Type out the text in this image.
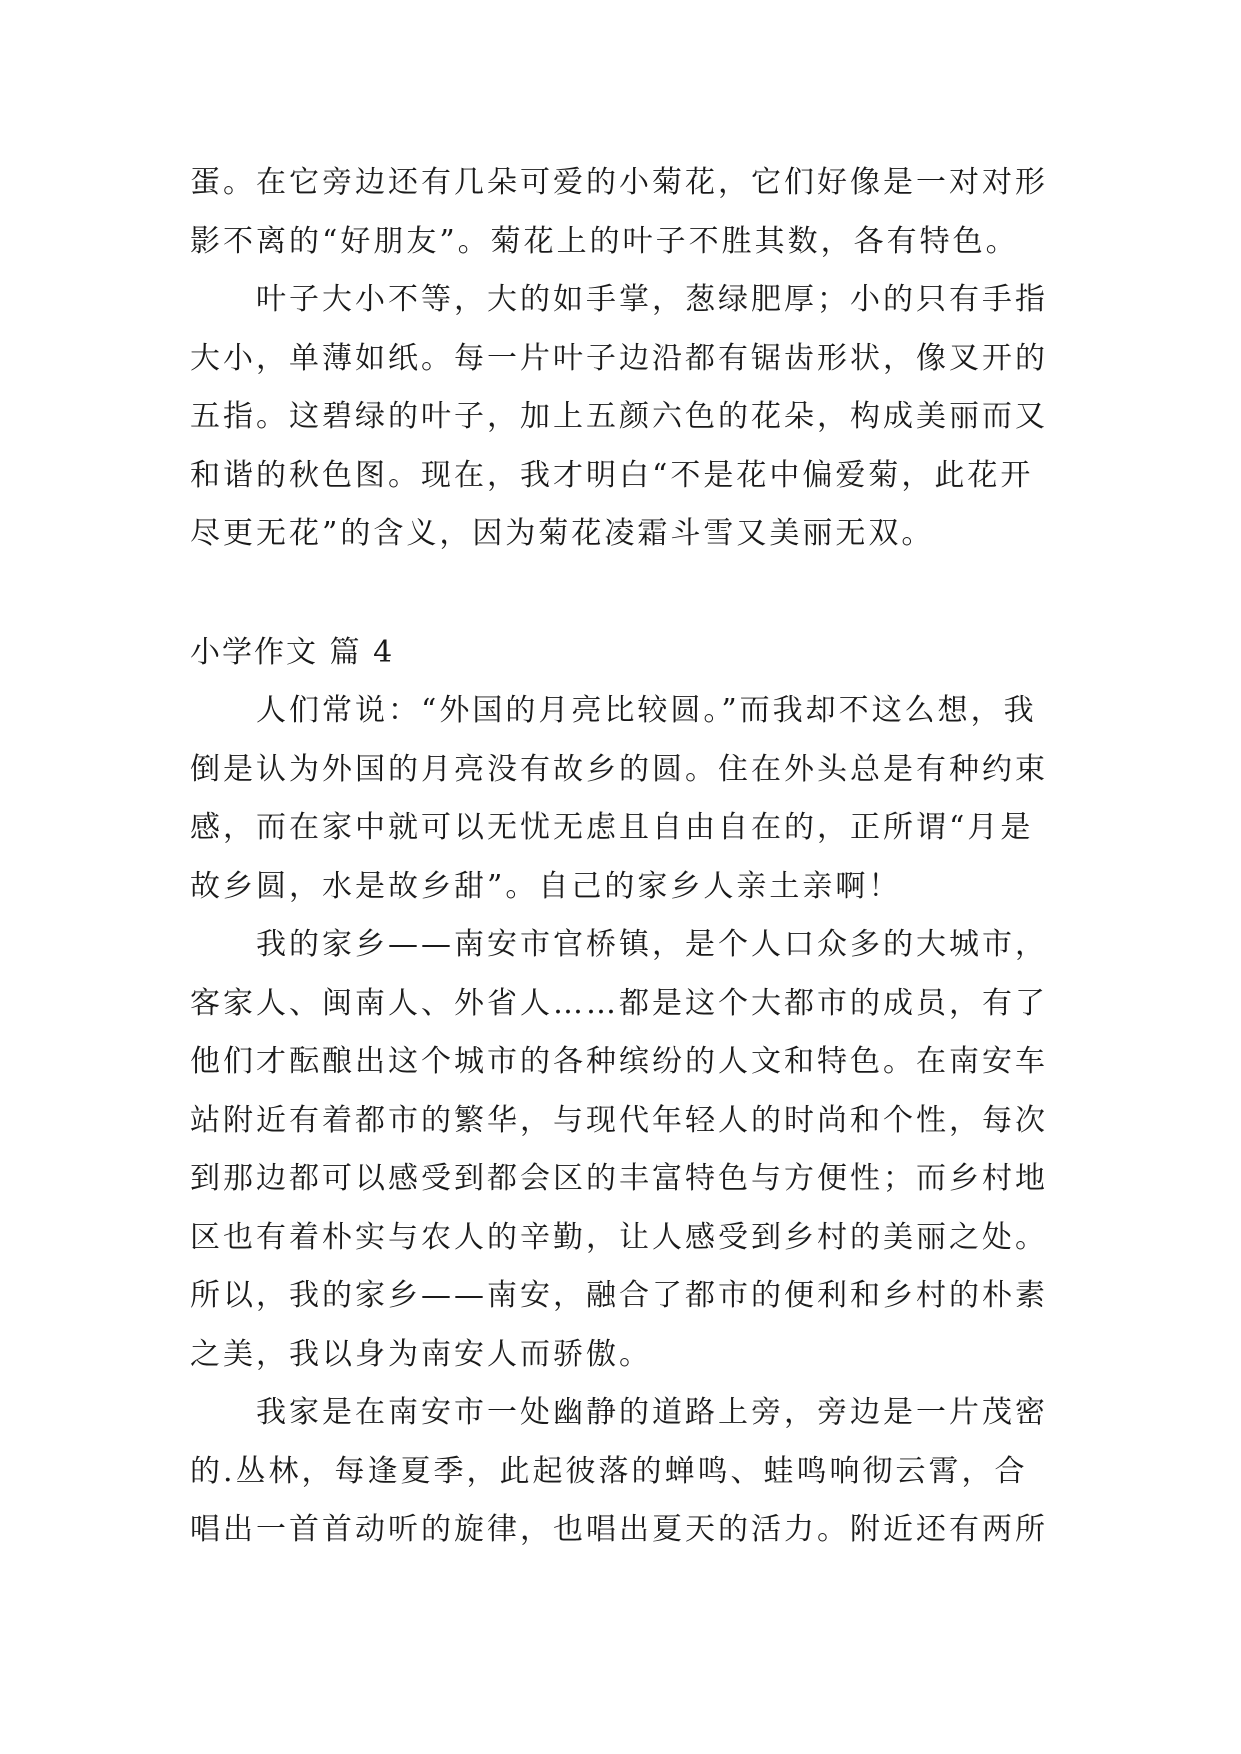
蛋。在它旁边还有几朵可爱的小菊花，它们好像是一对对形
影不离的“好朋友”。菊花上的叶子不胜其数，各有特色。
叶子大小不等，大的如手掌，葱绿肥厚；小的只有手指
大小，单薄如纸。每一片叶子边沿都有锯齿形状，像叉开的
五指。这碧绿的叶子，加上五颜六色的花朵，构成美丽而又
和谐的秋色图。现在，我才明白“不是花中偏爱菊，此花开
尽更无花”的含义，因为菊花凌霜斗雪又美丽无双。
小学作文 篇 4
人们常说：“外国的月亮比较圆。”而我却不这么想，我
倒是认为外国的月亮没有故乡的圆。住在外头总是有种约束
感，而在家中就可以无忧无虑且自由自在的，正所谓“月是
故乡圆，水是故乡甜”。自己的家乡人亲土亲啊！
我的家乡——南安市官桥镇，是个人口众多的大城市，
客家人、闽南人、外省人……都是这个大都市的成员，有了
他们才酝酿出这个城市的各种缤纷的人文和特色。在南安车
站附近有着都市的繁华，与现代年轻人的时尚和个性，每次
到那边都可以感受到都会区的丰富特色与方便性；而乡村地
区也有着朴实与农人的辛勤，让人感受到乡村的美丽之处。
所以，我的家乡——南安，融合了都市的便利和乡村的朴素
之美，我以身为南安人而骄傲。
我家是在南安市一处幽静的道路上旁，旁边是一片茂密
的.丛林，每逢夏季，此起彼落的蝉鸣、蛙鸣响彻云霄，合
唱出一首首动听的旋律，也唱出夏天的活力。附近还有两所
